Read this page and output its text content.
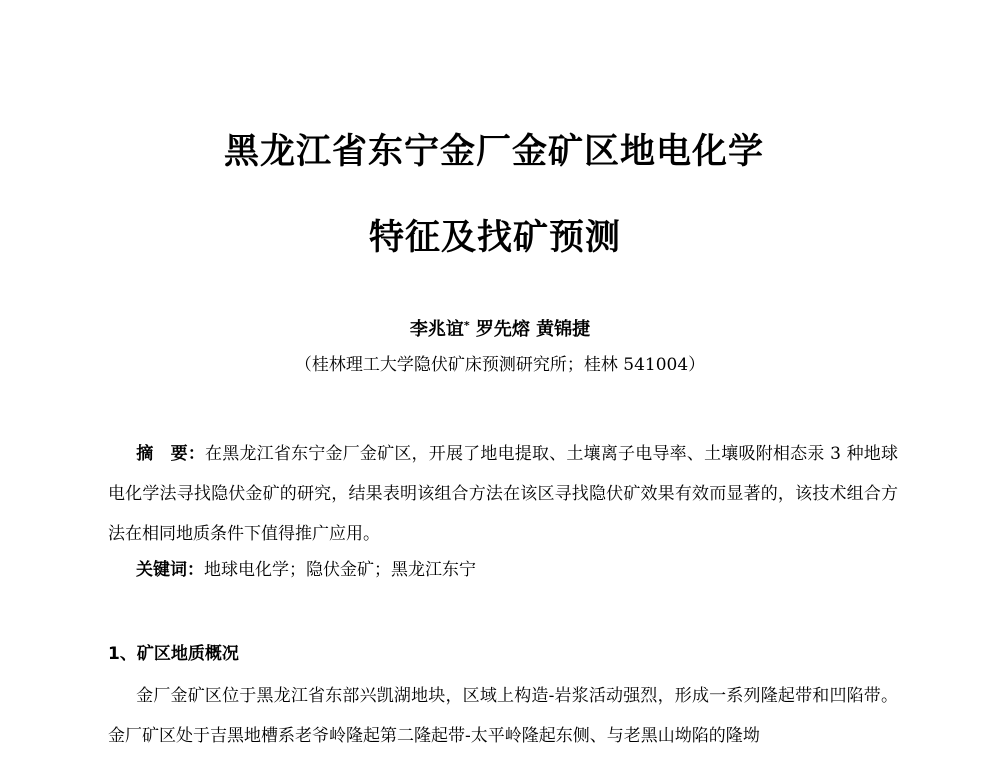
黑龙江省东宁金厂金矿区地电化学
特征及找矿预测
李兆谊* 罗先熔 黄锦捷
（桂林理工大学隐伏矿床预测研究所；桂林 541004）
摘　要：在黑龙江省东宁金厂金矿区，开展了地电提取、土壤离子电导率、土壤吸附相态汞 3 种地球电化学法寻找隐伏金矿的研究，结果表明该组合方法在该区寻找隐伏矿效果有效而显著的，该技术组合方法在相同地质条件下值得推广应用。
关键词：地球电化学；隐伏金矿；黑龙江东宁
1、矿区地质概况
金厂金矿区位于黑龙江省东部兴凯湖地块，区域上构造-岩浆活动强烈，形成一系列隆起带和凹陷带。金厂矿区处于吉黑地槽系老爷岭隆起第二隆起带-太平岭隆起东侧、与老黑山坳陷的隆坳
